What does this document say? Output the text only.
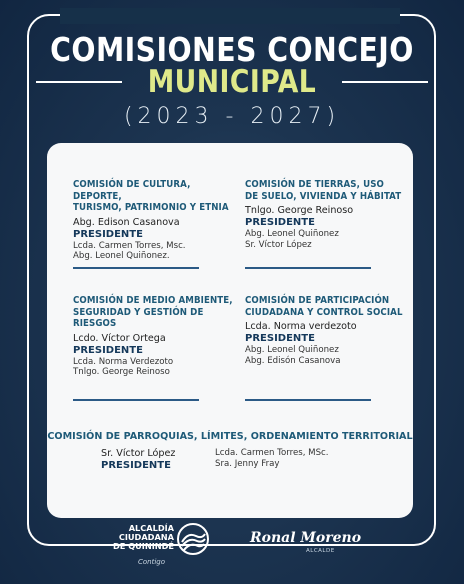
COMISIONES CONCEJO
MUNICIPAL
(2023 - 2027)
COMISIÓN DE CULTURA, DEPORTE,
TURISMO, PATRIMONIO Y ETNIA
Abg. Edison Casanova
PRESIDENTE
Lcda. Carmen Torres, Msc.
Abg. Leonel Quiñonez.
COMISIÓN DE TIERRAS, USO
DE SUELO, VIVIENDA Y HÁBITAT
Tnlgo. George Reinoso
PRESIDENTE
Abg. Leonel Quiñonez
Sr. Víctor López
COMISIÓN DE MEDIO AMBIENTE,
SEGURIDAD Y GESTIÓN DE RIESGOS
Lcdo. Víctor Ortega
PRESIDENTE
Lcda. Norma Verdezoto
Tnlgo. George Reinoso
COMISIÓN DE PARTICIPACIÓN
CIUDADANA Y CONTROL SOCIAL
Lcda. Norma verdezoto
PRESIDENTE
Abg. Leonel Quiñonez
Abg. Edisón Casanova
COMISIÓN DE PARROQUIAS, LÍMITES, ORDENAMIENTO TERRITORIAL
Sr. Víctor López
PRESIDENTE
Lcda. Carmen Torres, MSc.
Sra. Jenny Fray
ALCALDÍA
CIUDADANA
DE QUININDÉ
Contigo
Ronal Moreno
ALCALDE
